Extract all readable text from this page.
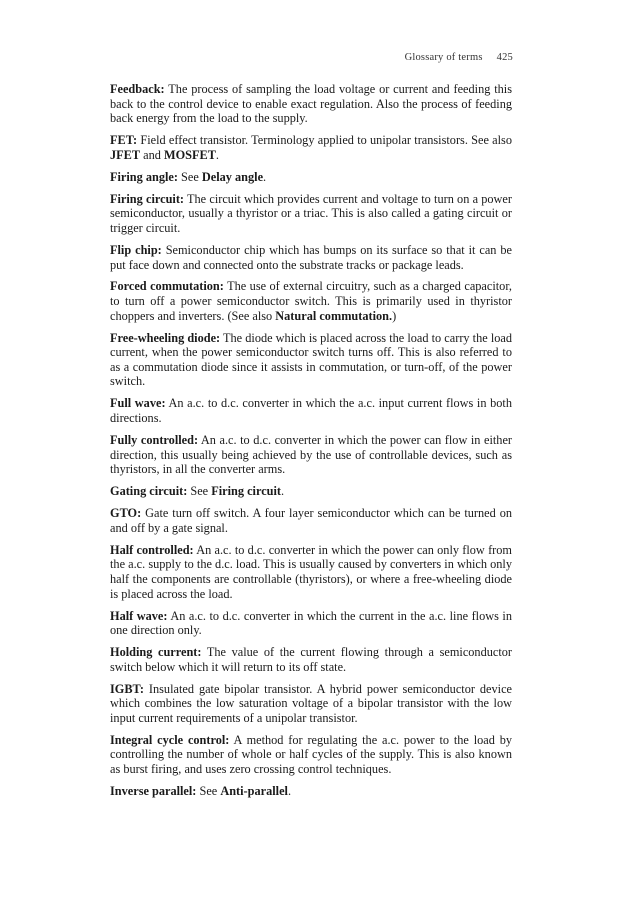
Glossary of terms 425

Feedback: The process of sampling the load voltage or current and feeding this back to the control device to enable exact regulation. Also the process of feeding back energy from the load to the supply.

FET: Field effect transistor. Terminology applied to unipolar transistors. See also JFET and MOSFET.

Firing angle: See Delay angle.

Firing circuit: The circuit which provides current and voltage to turn on a power semiconductor, usually a thyristor or a triac. This is also called a gating circuit or trigger circuit.

Flip chip: Semiconductor chip which has bumps on its surface so that it can be put face down and connected onto the substrate tracks or package leads.

Forced commutation: The use of external circuitry, such as a charged capacitor, to turn off a power semiconductor switch. This is primarily used in thyristor choppers and inverters. (See also Natural commutation.)

Free-wheeling diode: The diode which is placed across the load to carry the load current, when the power semiconductor switch turns off. This is also referred to as a commutation diode since it assists in commutation, or turn-off, of the power switch.

Full wave: An a.c. to d.c. converter in which the a.c. input current flows in both directions.

Fully controlled: An a.c. to d.c. converter in which the power can flow in either direction, this usually being achieved by the use of controllable devices, such as thyristors, in all the converter arms.

Gating circuit: See Firing circuit.

GTO: Gate turn off switch. A four layer semiconductor which can be turned on and off by a gate signal.

Half controlled: An a.c. to d.c. converter in which the power can only flow from the a.c. supply to the d.c. load. This is usually caused by converters in which only half the components are controllable (thyristors), or where a free-wheeling diode is placed across the load.

Half wave: An a.c. to d.c. converter in which the current in the a.c. line flows in one direction only.

Holding current: The value of the current flowing through a semiconductor switch below which it will return to its off state.

IGBT: Insulated gate bipolar transistor. A hybrid power semiconductor device which combines the low saturation voltage of a bipolar transistor with the low input current requirements of a unipolar transistor.

Integral cycle control: A method for regulating the a.c. power to the load by controlling the number of whole or half cycles of the supply. This is also known as burst firing, and uses zero crossing control techniques.

Inverse parallel: See Anti-parallel.
